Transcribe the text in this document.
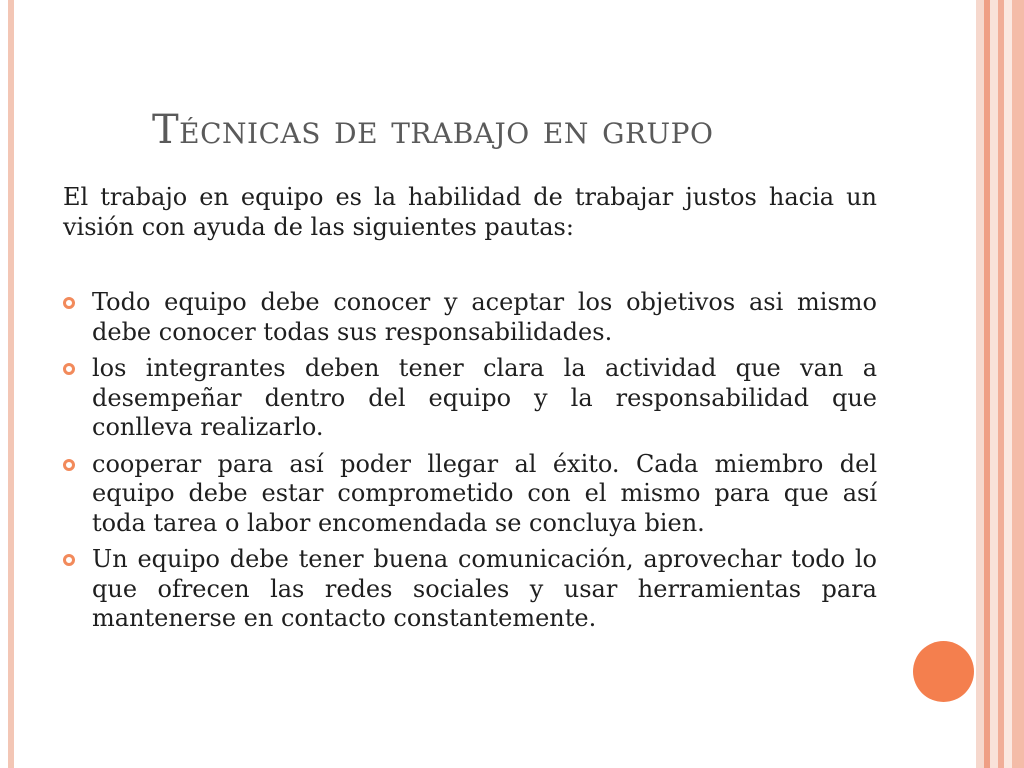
Técnicas de trabajo en grupo
El trabajo en equipo es la habilidad de trabajar justos hacia un visión con ayuda de las siguientes pautas:
Todo equipo debe conocer y aceptar los objetivos asi mismo debe conocer todas sus responsabilidades.
los integrantes deben tener clara la actividad que van a desempeñar dentro del equipo y la responsabilidad que conlleva realizarlo.
cooperar para así poder llegar al éxito. Cada miembro del equipo debe estar comprometido con el mismo para que así toda tarea o labor encomendada se concluya bien.
Un equipo debe tener buena comunicación, aprovechar todo lo que ofrecen las redes sociales y usar herramientas para mantenerse en contacto constantemente.
